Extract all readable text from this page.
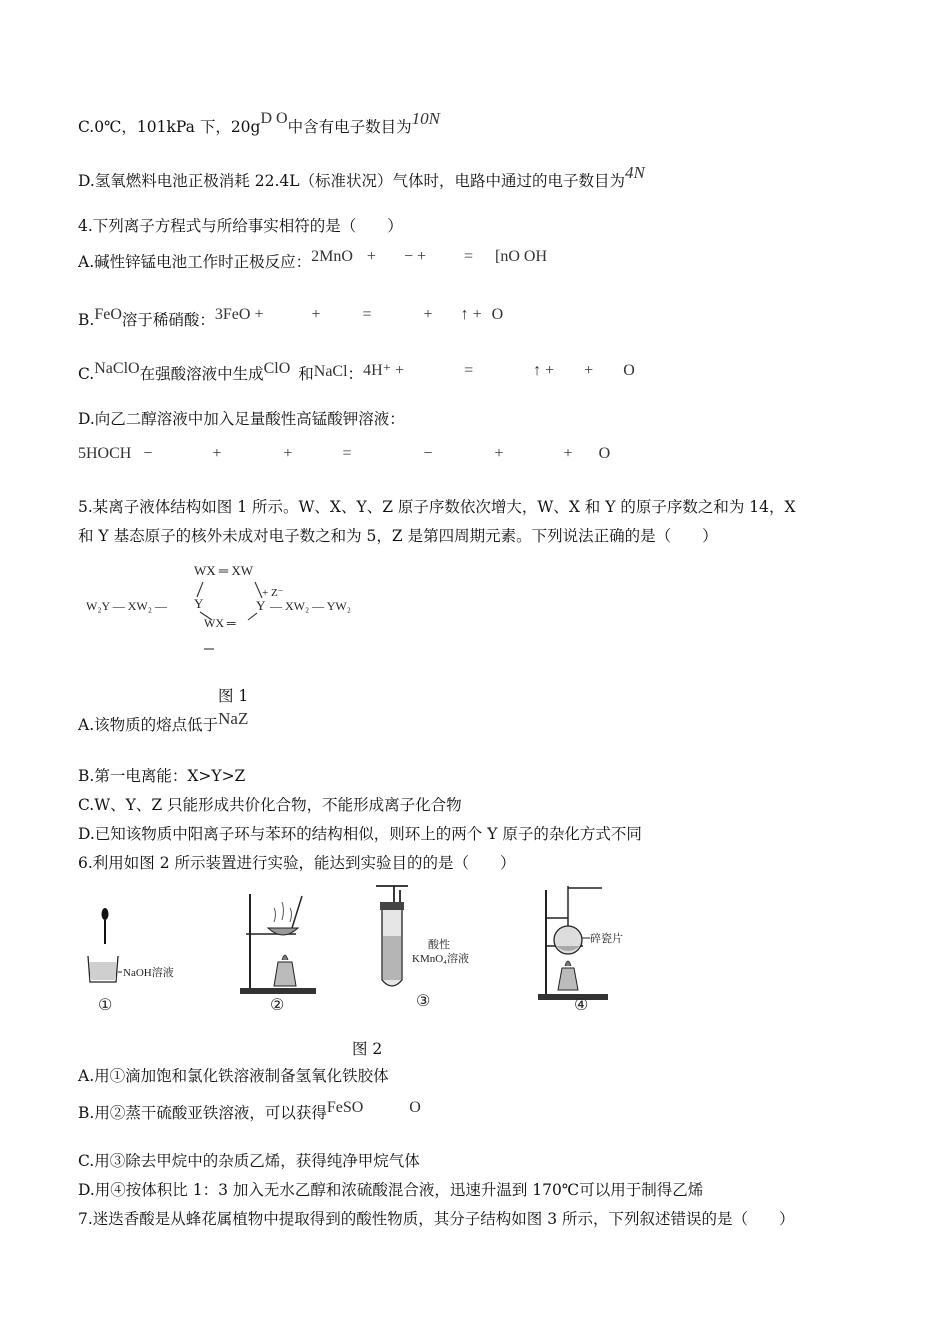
C.0℃，101kPa 下，20gD O中含有电子数目为10N
D.氢氧燃料电池正极消耗 22.4L（标准状况）气体时，电路中通过的电子数目为4N
4.下列离子方程式与所给事实相符的是（　　）
A.碱性锌锰电池工作时正极反应：2MnO + − + = [nO OH
B.FeO溶于稀硝酸：3FeO +	+	=	+ ↑ + O
C.NaClO在强酸溶液中生成ClO 和NaCl：4H⁺ +	=	↑ + + O
D.向乙二醇溶液中加入足量酸性高锰酸钾溶液：
5HOCH −	+	+	=	−	+	+ O
5.某离子液体结构如图 1 所示。W、X、Y、Z 原子序数依次增大，W、X 和 Y 的原子序数之和为 14，X
和 Y 基态原子的核外未成对电子数之和为 5，Z 是第四周期元素。下列说法正确的是（　　）
WX ═ XW
W₂Y — XW₂ — Y
+ Z⁻
Y — XW₂ — YW₂
WX ═
图 1
A.该物质的熔点低于NaZ
B.第一电离能：X>Y>Z
C.W、Y、Z 只能形成共价化合物，不能形成离子化合物
D.已知该物质中阳离子环与苯环的结构相似，则环上的两个 Y 原子的杂化方式不同
6.利用如图 2 所示装置进行实验，能达到实验目的的是（　　）
NaOH溶液
①	②
酸性
KMnO₄溶液
③
碎瓷片
④
图 2
A.用①滴加饱和氯化铁溶液制备氢氧化铁胶体
B.用②蒸干硫酸亚铁溶液，可以获得FeSO	O
C.用③除去甲烷中的杂质乙烯，获得纯净甲烷气体
D.用④按体积比 1：3 加入无水乙醇和浓硫酸混合液，迅速升温到 170℃可以用于制得乙烯
7.迷迭香酸是从蜂花属植物中提取得到的酸性物质，其分子结构如图 3 所示，下列叙述错误的是（　　）
